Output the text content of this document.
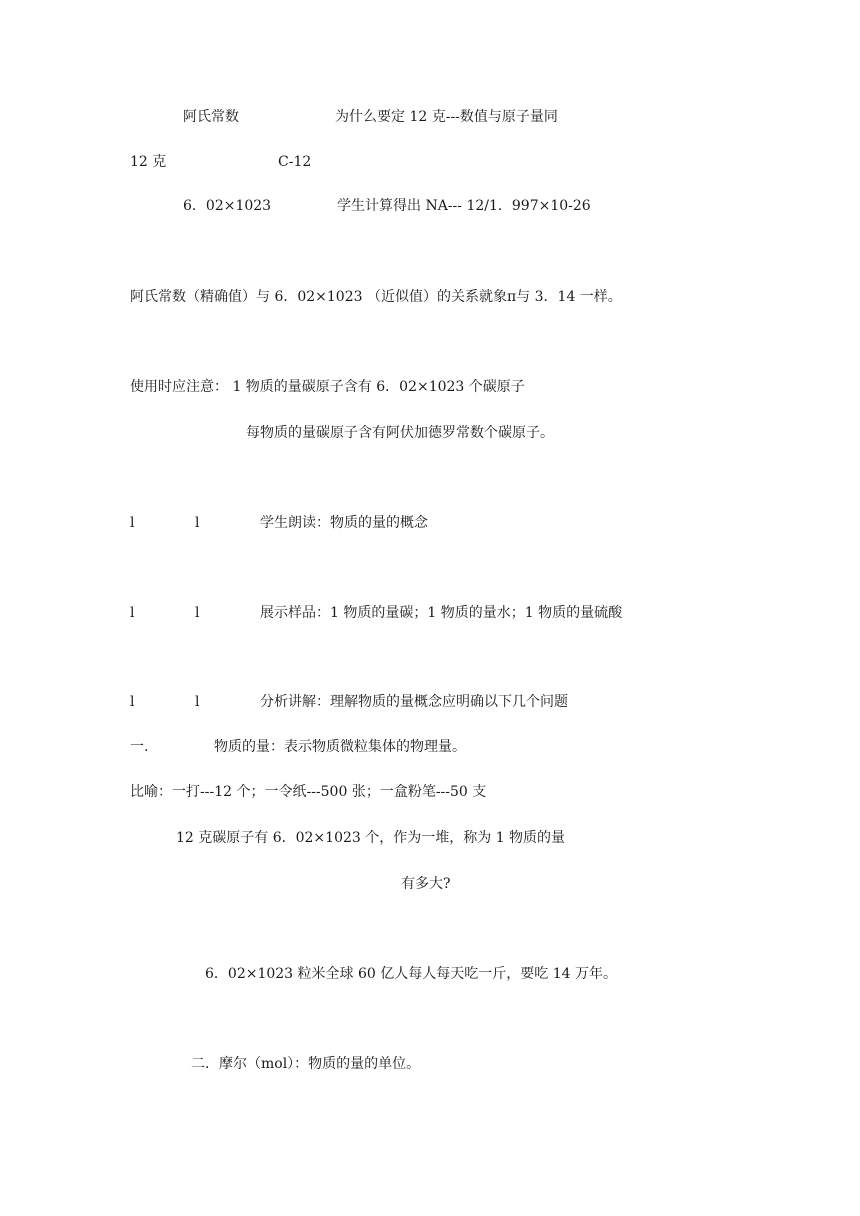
阿氏常数	为什么要定 12 克---数值与原子量同
12 克	C-12
6．02×1023	学生计算得出 NA--- 12/1．997×10-26
阿氏常数（精确值）与 6．02×1023 （近似值）的关系就象π与 3．14 一样。
使用时应注意： 1 物质的量碳原子含有 6．02×1023 个碳原子
每物质的量碳原子含有阿伏加德罗常数个碳原子。
l	l	学生朗读：物质的量的概念
l	l	展示样品：1 物质的量碳；1 物质的量水；1 物质的量硫酸
l	l	分析讲解：理解物质的量概念应明确以下几个问题
一.	物质的量：表示物质微粒集体的物理量。
比喻：一打---12 个；一令纸---500 张；一盒粉笔---50 支
12 克碳原子有 6．02×1023 个，作为一堆，称为 1 物质的量
有多大?
6．02×1023 粒米全球 60 亿人每人每天吃一斤，要吃 14 万年。
二．摩尔（mol）：物质的量的单位。
